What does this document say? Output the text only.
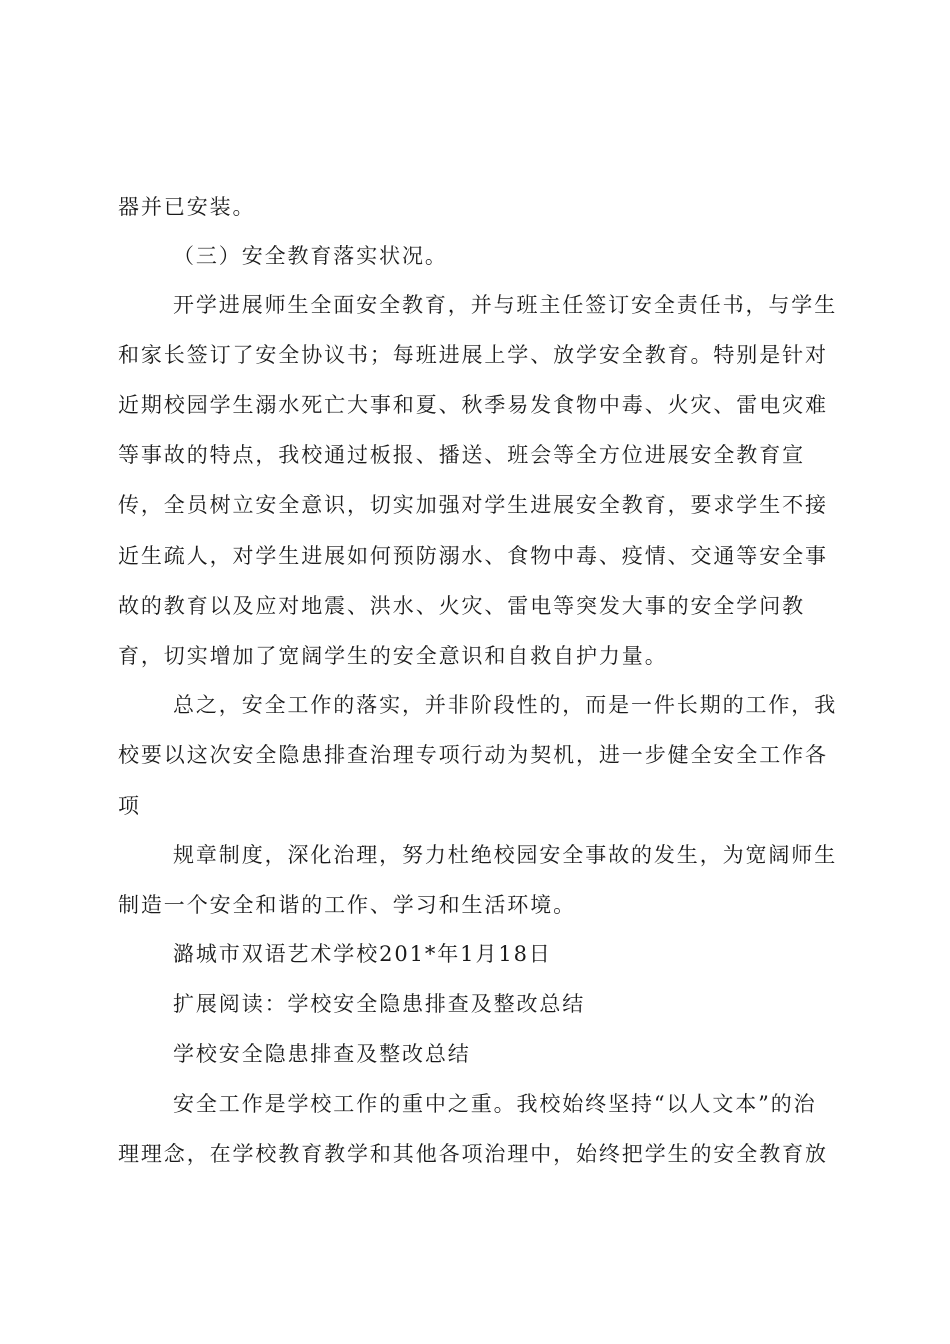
器并已安装。
（三）安全教育落实状况。
开学进展师生全面安全教育，并与班主任签订安全责任书，与学生
和家长签订了安全协议书；每班进展上学、放学安全教育。特别是针对
近期校园学生溺水死亡大事和夏、秋季易发食物中毒、火灾、雷电灾难
等事故的特点，我校通过板报、播送、班会等全方位进展安全教育宣
传，全员树立安全意识，切实加强对学生进展安全教育，要求学生不接
近生疏人，对学生进展如何预防溺水、食物中毒、疫情、交通等安全事
故的教育以及应对地震、洪水、火灾、雷电等突发大事的安全学问教
育，切实增加了宽阔学生的安全意识和自救自护力量。
总之，安全工作的落实，并非阶段性的，而是一件长期的工作，我
校要以这次安全隐患排查治理专项行动为契机，进一步健全安全工作各
项
规章制度，深化治理，努力杜绝校园安全事故的发生，为宽阔师生
制造一个安全和谐的工作、学习和生活环境。
潞城市双语艺术学校201*年1月18日
扩展阅读：学校安全隐患排查及整改总结
学校安全隐患排查及整改总结
安全工作是学校工作的重中之重。我校始终坚持“以人文本”的治
理理念，在学校教育教学和其他各项治理中，始终把学生的安全教育放
